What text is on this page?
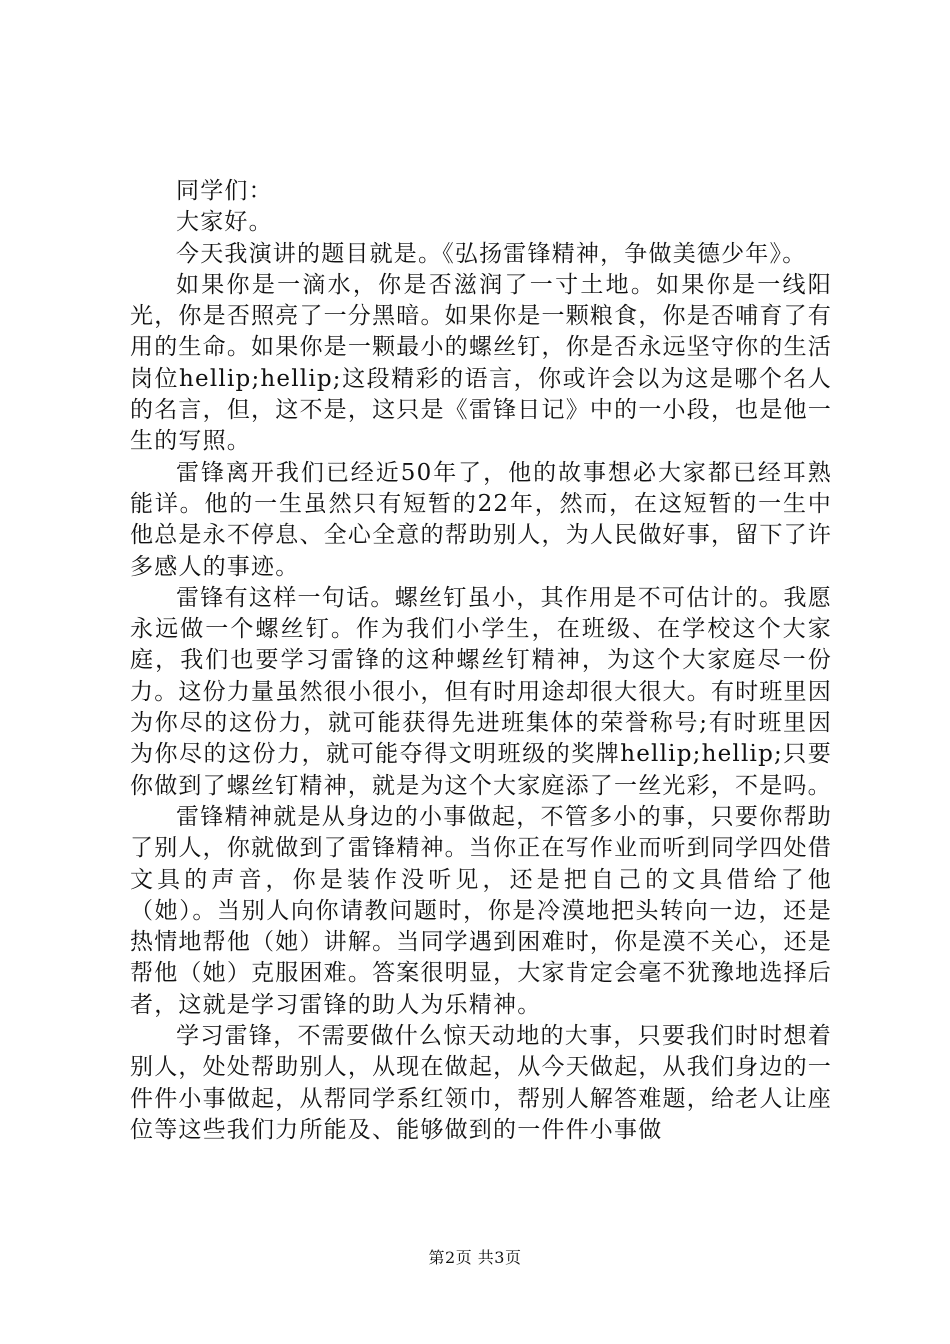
同学们：

大家好。

今天我演讲的题目就是。《弘扬雷锋精神，争做美德少年》。

如果你是一滴水，你是否滋润了一寸土地。如果你是一线阳光，你是否照亮了一分黑暗。如果你是一颗粮食，你是否哺育了有用的生命。如果你是一颗最小的螺丝钉，你是否永远坚守你的生活岗位hellip;hellip;这段精彩的语言，你或许会以为这是哪个名人的名言，但，这不是，这只是《雷锋日记》中的一小段，也是他一生的写照。

雷锋离开我们已经近50年了，他的故事想必大家都已经耳熟能详。他的一生虽然只有短暂的22年，然而，在这短暂的一生中他总是永不停息、全心全意的帮助别人，为人民做好事，留下了许多感人的事迹。

雷锋有这样一句话。螺丝钉虽小，其作用是不可估计的。我愿永远做一个螺丝钉。作为我们小学生，在班级、在学校这个大家庭，我们也要学习雷锋的这种螺丝钉精神，为这个大家庭尽一份力。这份力量虽然很小很小，但有时用途却很大很大。有时班里因为你尽的这份力，就可能获得先进班集体的荣誉称号;有时班里因为你尽的这份力，就可能夺得文明班级的奖牌hellip;hellip;只要你做到了螺丝钉精神，就是为这个大家庭添了一丝光彩，不是吗。

雷锋精神就是从身边的小事做起，不管多小的事，只要你帮助了别人，你就做到了雷锋精神。当你正在写作业而听到同学四处借文具的声音，你是装作没听见，还是把自己的文具借给了他（她）。当别人向你请教问题时，你是冷漠地把头转向一边，还是热情地帮他（她）讲解。当同学遇到困难时，你是漠不关心，还是帮他（她）克服困难。答案很明显，大家肯定会毫不犹豫地选择后者，这就是学习雷锋的助人为乐精神。

学习雷锋，不需要做什么惊天动地的大事，只要我们时时想着别人，处处帮助别人，从现在做起，从今天做起，从我们身边的一件件小事做起，从帮同学系红领巾，帮别人解答难题，给老人让座位等这些我们力所能及、能够做到的一件件小事做

第2页 共3页
